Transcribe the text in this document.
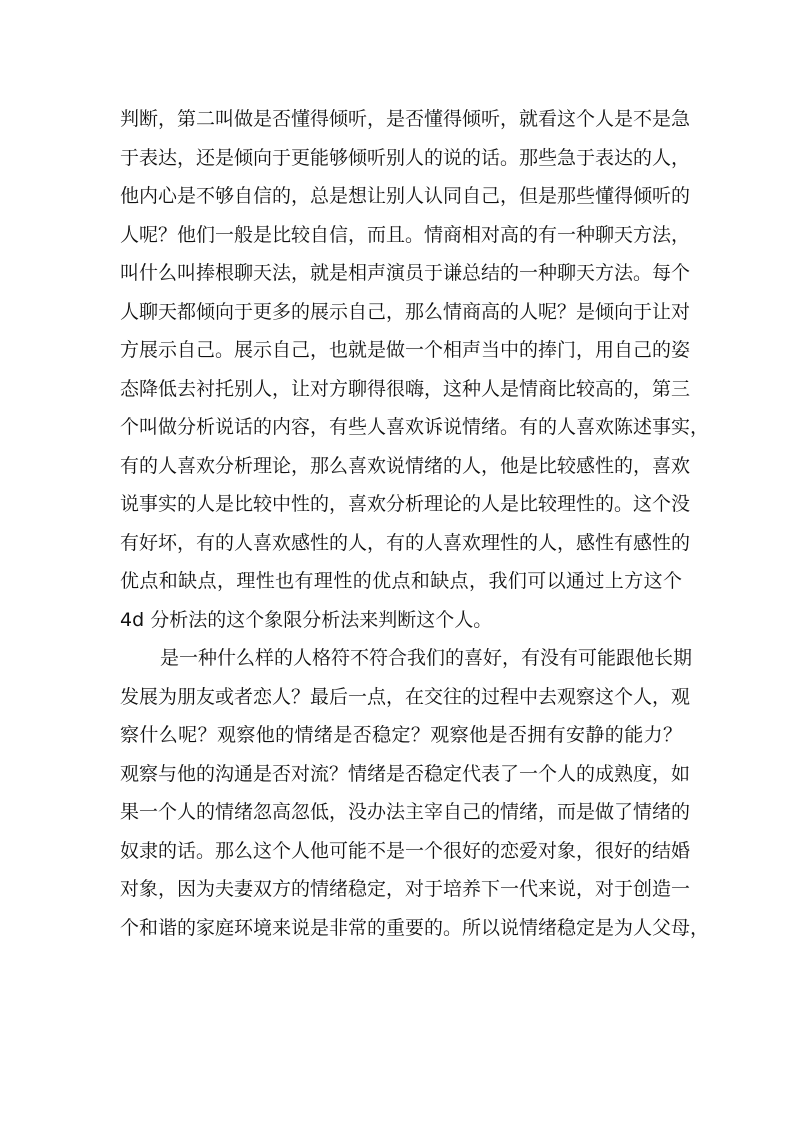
判断，第二叫做是否懂得倾听，是否懂得倾听，就看这个人是不是急
于表达，还是倾向于更能够倾听别人的说的话。那些急于表达的人，
他内心是不够自信的，总是想让别人认同自己，但是那些懂得倾听的
人呢？他们一般是比较自信，而且。情商相对高的有一种聊天方法，
叫什么叫捧根聊天法，就是相声演员于谦总结的一种聊天方法。每个
人聊天都倾向于更多的展示自己，那么情商高的人呢？是倾向于让对
方展示自己。展示自己，也就是做一个相声当中的捧门，用自己的姿
态降低去衬托别人，让对方聊得很嗨，这种人是情商比较高的，第三
个叫做分析说话的内容，有些人喜欢诉说情绪。有的人喜欢陈述事实，
有的人喜欢分析理论，那么喜欢说情绪的人，他是比较感性的，喜欢
说事实的人是比较中性的，喜欢分析理论的人是比较理性的。这个没
有好坏，有的人喜欢感性的人，有的人喜欢理性的人，感性有感性的
优点和缺点，理性也有理性的优点和缺点，我们可以通过上方这个
4d 分析法的这个象限分析法来判断这个人。
是一种什么样的人格符不符合我们的喜好，有没有可能跟他长期
发展为朋友或者恋人？最后一点，在交往的过程中去观察这个人，观
察什么呢？观察他的情绪是否稳定？观察他是否拥有安静的能力？
观察与他的沟通是否对流？情绪是否稳定代表了一个人的成熟度，如
果一个人的情绪忽高忽低，没办法主宰自己的情绪，而是做了情绪的
奴隶的话。那么这个人他可能不是一个很好的恋爱对象，很好的结婚
对象，因为夫妻双方的情绪稳定，对于培养下一代来说，对于创造一
个和谐的家庭环境来说是非常的重要的。所以说情绪稳定是为人父母，
